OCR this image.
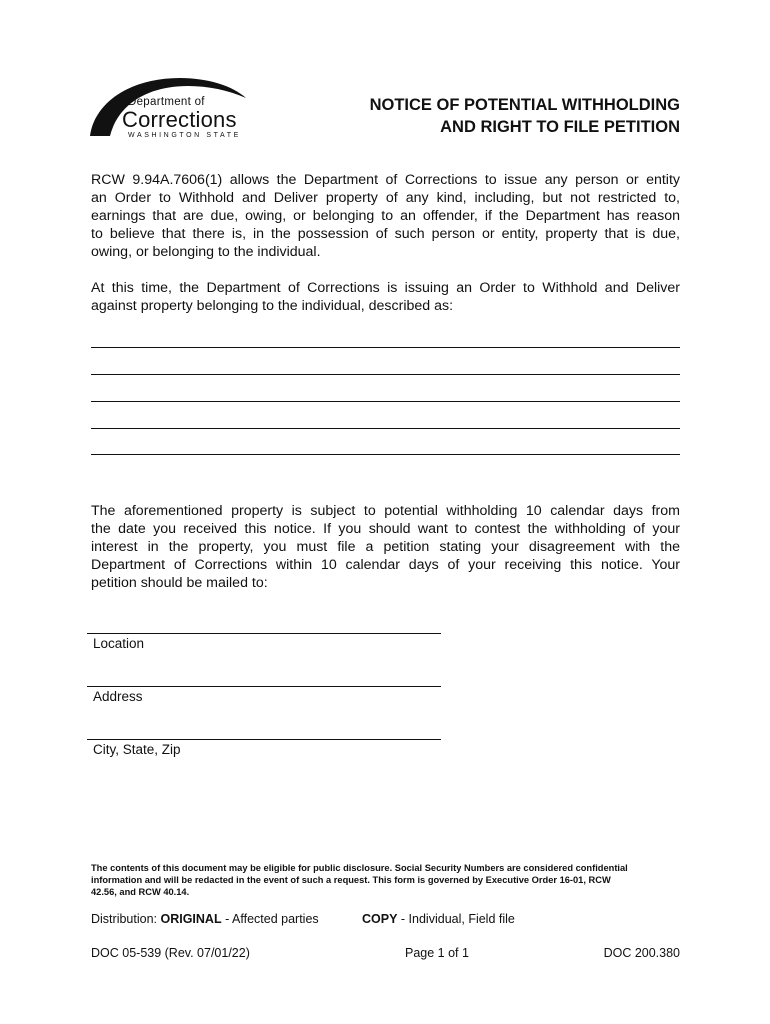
Department of
Corrections
WASHINGTON STATE
NOTICE OF POTENTIAL WITHHOLDING
AND RIGHT TO FILE PETITION
RCW 9.94A.7606(1) allows the Department of Corrections to issue any person or entity
an Order to Withhold and Deliver property of any kind, including, but not restricted to,
earnings that are due, owing, or belonging to an offender, if the Department has reason
to believe that there is, in the possession of such person or entity, property that is due,
owing, or belonging to the individual.
At this time, the Department of Corrections is issuing an Order to Withhold and Deliver
against property belonging to the individual, described as:
The aforementioned property is subject to potential withholding 10 calendar days from
the date you received this notice. If you should want to contest the withholding of your
interest in the property, you must file a petition stating your disagreement with the
Department of Corrections within 10 calendar days of your receiving this notice. Your
petition should be mailed to:
Location
Address
City, State, Zip
The contents of this document may be eligible for public disclosure. Social Security Numbers are considered confidential
information and will be redacted in the event of such a request. This form is governed by Executive Order 16-01, RCW
42.56, and RCW 40.14.
Distribution: ORIGINAL - Affected parties	COPY - Individual, Field file
DOC 05-539 (Rev. 07/01/22)	Page 1 of 1	DOC 200.380
